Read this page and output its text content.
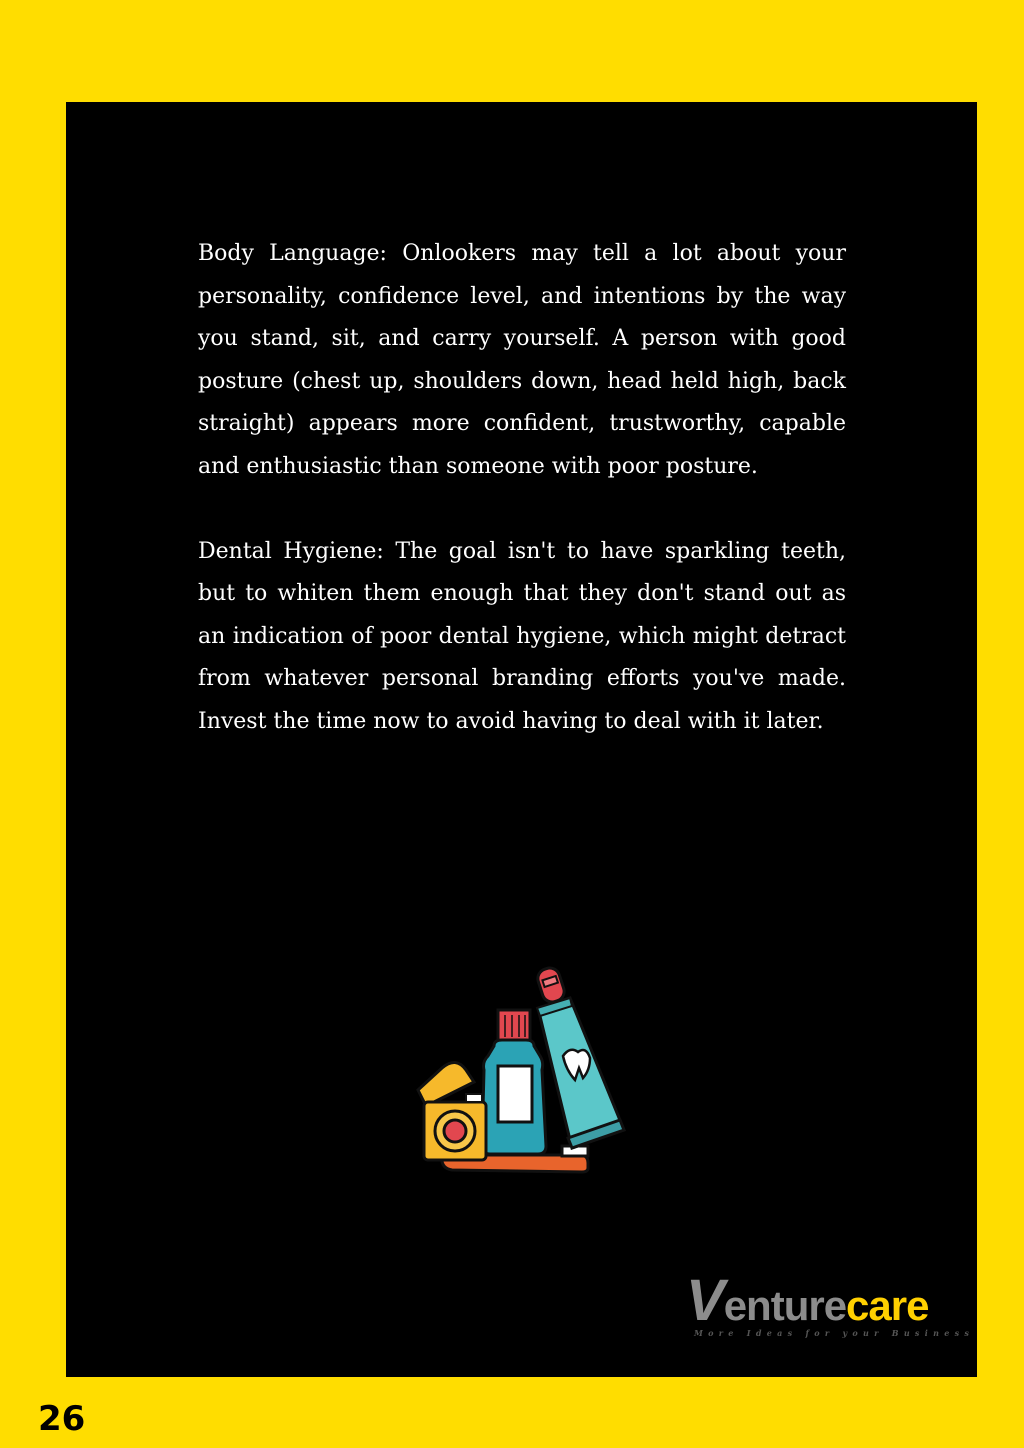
Body Language: Onlookers may tell a lot about your personality, confidence level, and intentions by the way you stand, sit, and carry yourself. A person with good posture (chest up, shoulders down, head held high, back straight) appears more confident, trustworthy, capable and enthusiastic than someone with poor posture.

Dental Hygiene: The goal isn't to have sparkling teeth, but to whiten them enough that they don't stand out as an indication of poor dental hygiene, which might detract from whatever personal branding efforts you've made. Invest the time now to avoid having to deal with it later.

Venturecare
More Ideas for your Business
26
